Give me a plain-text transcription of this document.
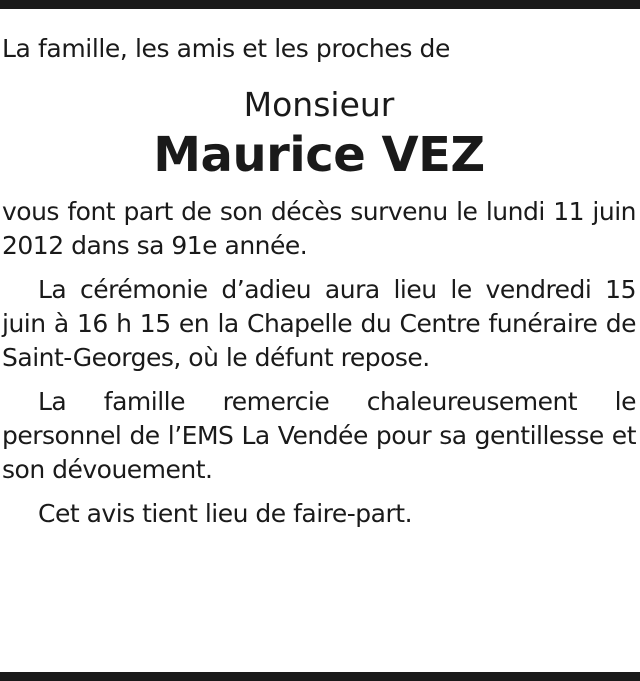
La famille, les amis et les proches de

Monsieur

Maurice VEZ

vous font part de son décès survenu le lundi 11 juin 2012 dans sa 91e année.

La cérémonie d’adieu aura lieu le vendredi 15 juin à 16 h 15 en la Chapelle du Centre funéraire de Saint-Georges, où le défunt repose.

La famille remercie chaleureusement le personnel de l’EMS La Vendée pour sa gentillesse et son dévouement.

Cet avis tient lieu de faire-part.
